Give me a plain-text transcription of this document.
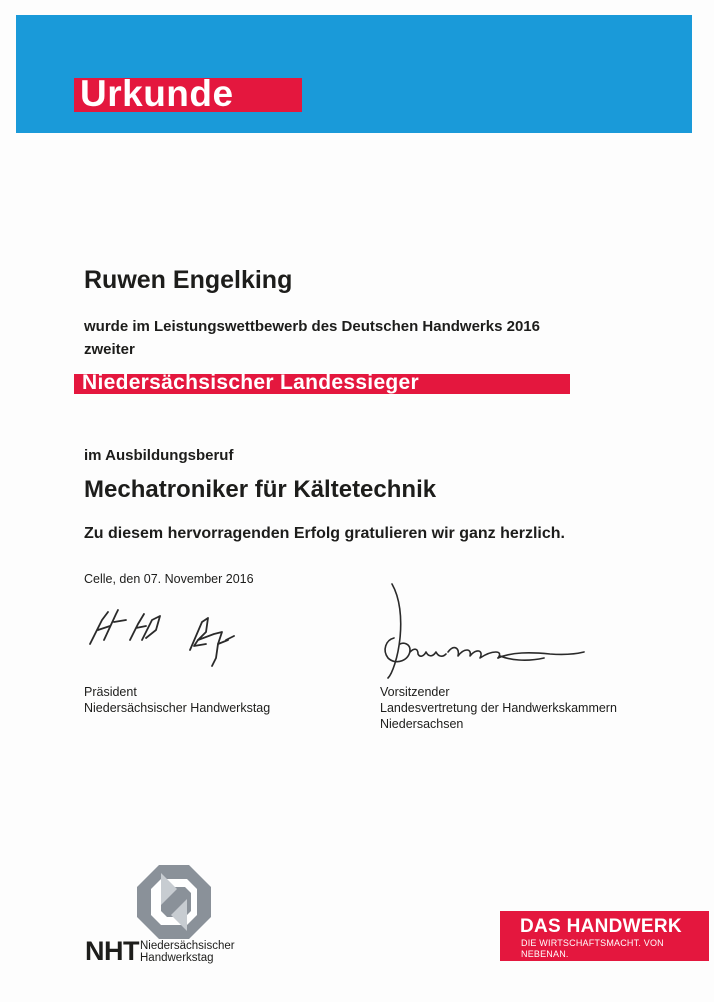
Urkunde
Ruwen Engelking
wurde im Leistungswettbewerb des Deutschen Handwerks 2016
zweiter
Niedersächsischer Landessieger
im Ausbildungsberuf
Mechatroniker für Kältetechnik
Zu diesem hervorragenden Erfolg gratulieren wir ganz herzlich.
Celle, den 07. November 2016
Präsident
Niedersächsischer Handwerkstag
Vorsitzender
Landesvertretung der Handwerkskammern
Niedersachsen
NHT Niedersächsischer
Handwerkstag
DAS HANDWERK
DIE WIRTSCHAFTSMACHT. VON NEBENAN.
